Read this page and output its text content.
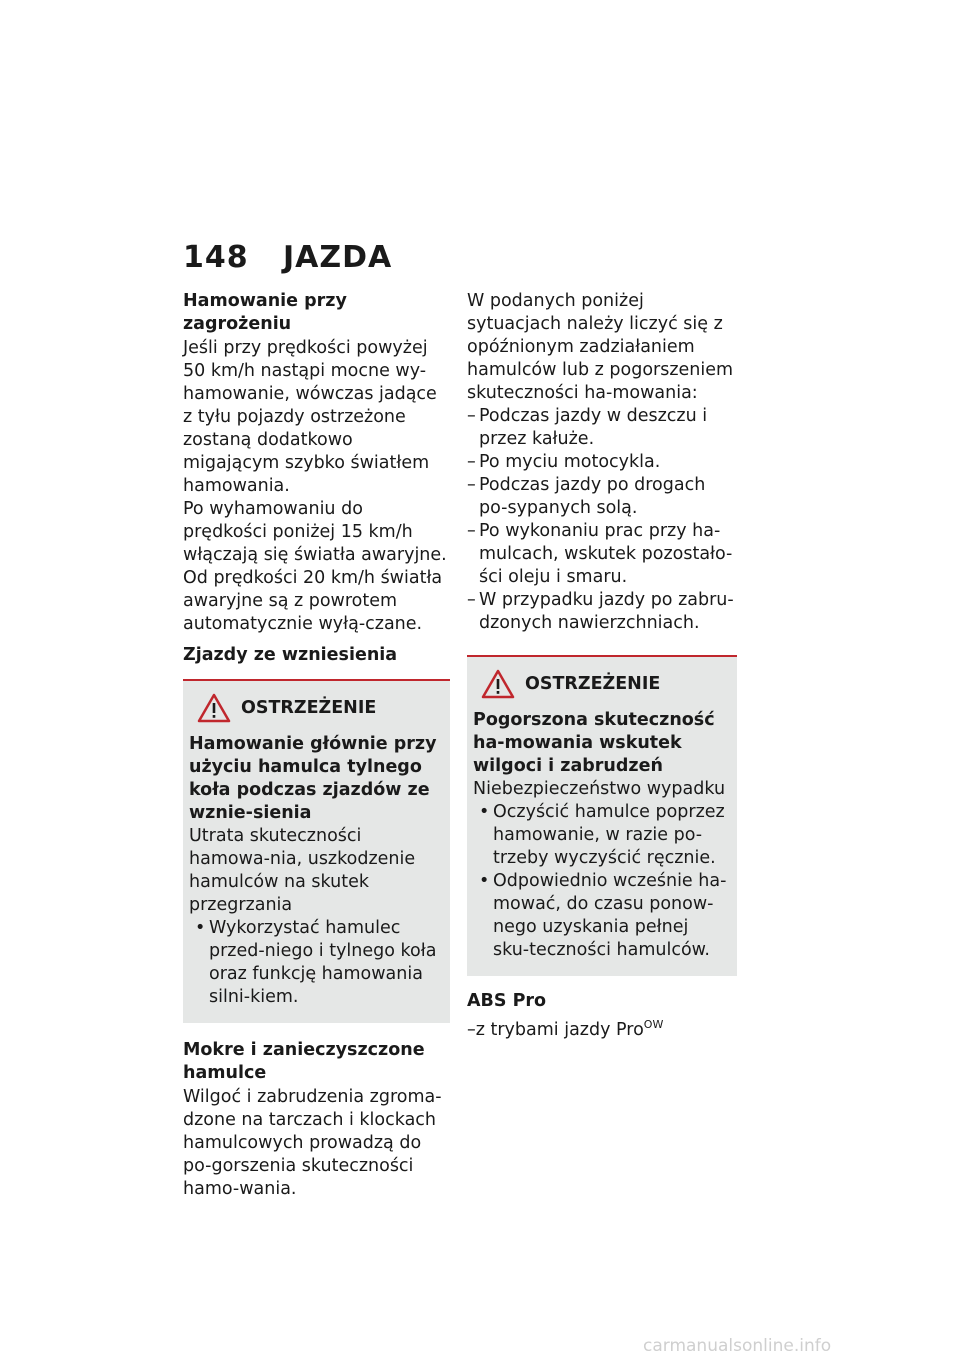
148 JAZDA
Hamowanie przy zagrożeniu

Jeśli przy prędkości powyżej 50 km/h nastąpi mocne wy-hamowanie, wówczas jadące z tyłu pojazdy ostrzeżone zostaną dodatkowo migającym szybko światłem hamowania.

Po wyhamowaniu do prędkości poniżej 15 km/h włączają się światła awaryjne. Od prędkości 20 km/h światła awaryjne są z powrotem automatycznie wyłą-czane.

Zjazdy ze wzniesienia
OSTRZEŻENIE
Hamowanie głównie przy użyciu hamulca tylnego koła podczas zjazdów ze wznie-sienia
Utrata skuteczności hamowa-nia, uszkodzenie hamulców na skutek przegrzania
• Wykorzystać hamulec przed-niego i tylnego koła oraz funkcję hamowania silni-kiem.
Mokre i zanieczyszczone hamulce

Wilgoć i zabrudzenia zgroma-dzone na tarczach i klockach hamulcowych prowadzą do po-gorszenia skuteczności hamo-wania.

W podanych poniżej sytuacjach należy liczyć się z opóźnionym zadziałaniem hamulców lub z pogorszeniem skuteczności ha-mowania:

– Podczas jazdy w deszczu i przez kałuże.
– Po myciu motocykla.
– Podczas jazdy po drogach po-sypanych solą.
– Po wykonaniu prac przy ha-mulcach, wskutek pozostało-ści oleju i smaru.
– W przypadku jazdy po zabru-dzonych nawierzchniach.
OSTRZEŻENIE
Pogorszona skuteczność ha-mowania wskutek wilgoci i zabrudzeń
Niebezpieczeństwo wypadku
• Oczyścić hamulce poprzez hamowanie, w razie po-trzeby wyczyścić ręcznie.
• Odpowiednio wcześnie ha-mować, do czasu ponow-nego uzyskania pełnej sku-teczności hamulców.
ABS Pro
–z trybami jazdy Pro$^{OW}$
carmanualsonline.info
